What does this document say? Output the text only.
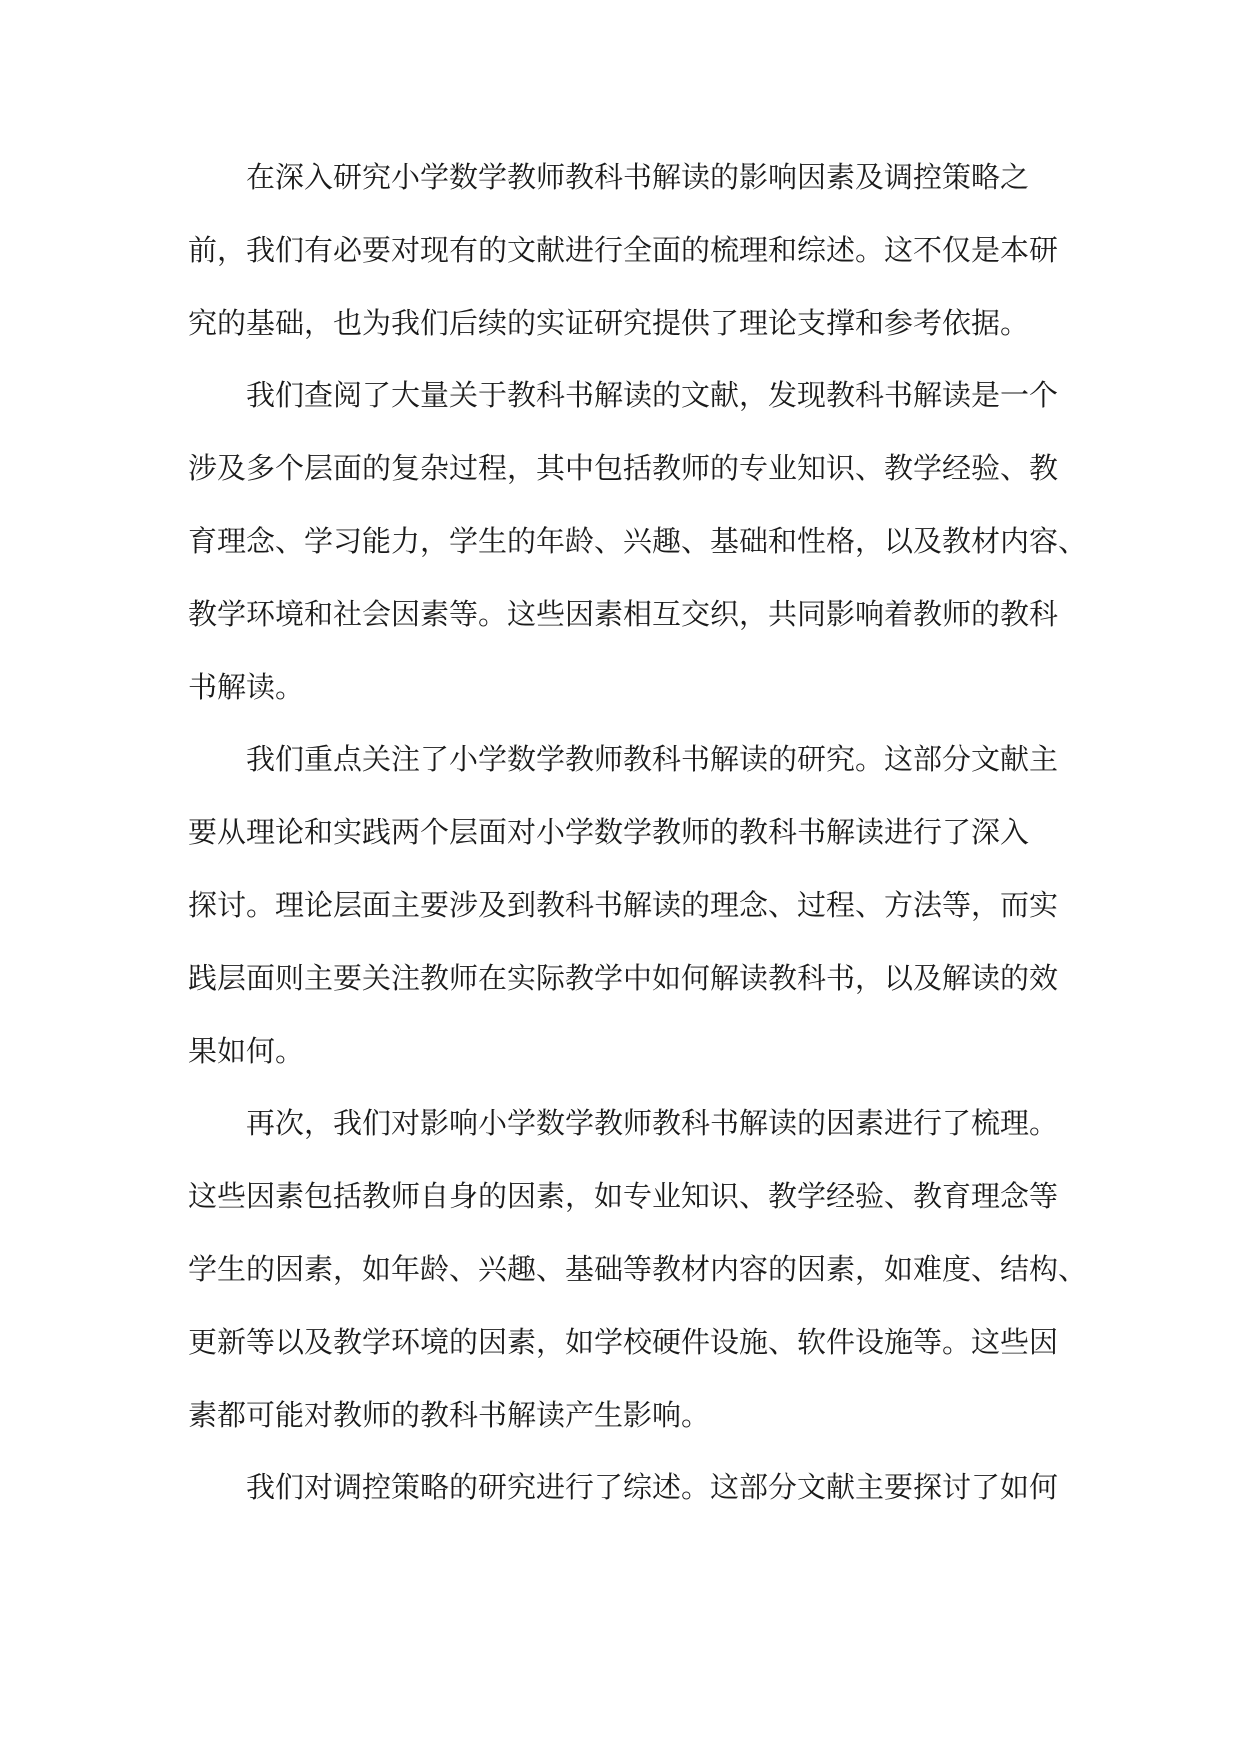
在深入研究小学数学教师教科书解读的影响因素及调控策略之
前，我们有必要对现有的文献进行全面的梳理和综述。这不仅是本研
究的基础，也为我们后续的实证研究提供了理论支撑和参考依据。
我们查阅了大量关于教科书解读的文献，发现教科书解读是一个
涉及多个层面的复杂过程，其中包括教师的专业知识、教学经验、教
育理念、学习能力，学生的年龄、兴趣、基础和性格，以及教材内容、
教学环境和社会因素等。这些因素相互交织，共同影响着教师的教科
书解读。
我们重点关注了小学数学教师教科书解读的研究。这部分文献主
要从理论和实践两个层面对小学数学教师的教科书解读进行了深入
探讨。理论层面主要涉及到教科书解读的理念、过程、方法等，而实
践层面则主要关注教师在实际教学中如何解读教科书，以及解读的效
果如何。
再次，我们对影响小学数学教师教科书解读的因素进行了梳理。
这些因素包括教师自身的因素，如专业知识、教学经验、教育理念等
学生的因素，如年龄、兴趣、基础等教材内容的因素，如难度、结构、
更新等以及教学环境的因素，如学校硬件设施、软件设施等。这些因
素都可能对教师的教科书解读产生影响。
我们对调控策略的研究进行了综述。这部分文献主要探讨了如何
